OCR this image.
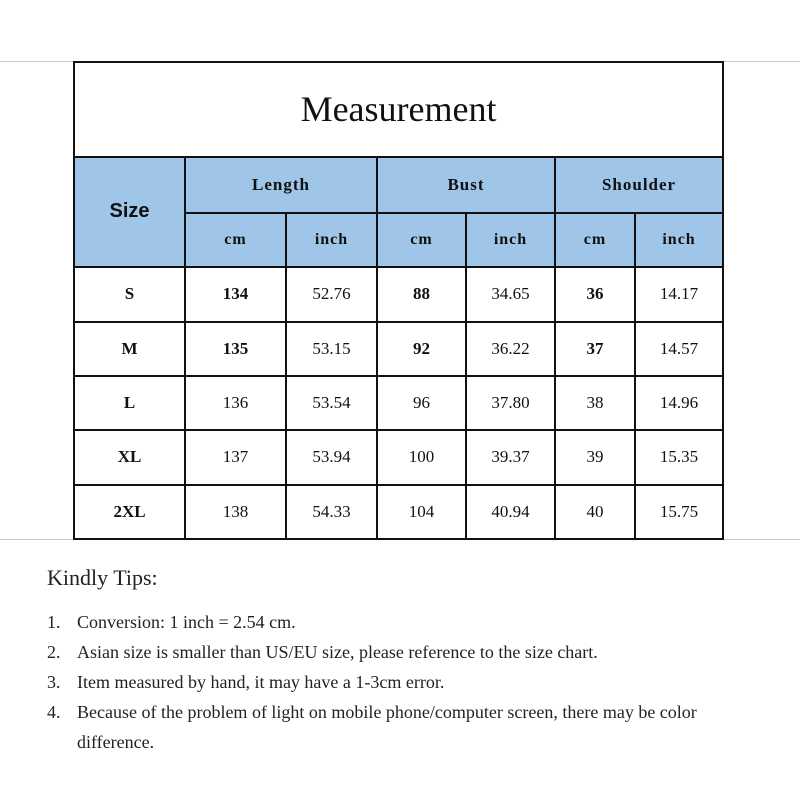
Measurement						
Size	Length		Bust		Shoulder	
	cm	inch	cm	inch	cm	inch
S	134	52.76	88	34.65	36	14.17
M	135	53.15	92	36.22	37	14.57
L	136	53.54	96	37.80	38	14.96
XL	137	53.94	100	39.37	39	15.35
2XL	138	54.33	104	40.94	40	15.75
Kindly Tips:
1. Conversion: 1 inch = 2.54 cm.
2. Asian size is smaller than US/EU size, please reference to the size chart.
3. Item measured by hand, it may have a 1-3cm error.
4. Because of the problem of light on mobile phone/computer screen, there may be color difference.
